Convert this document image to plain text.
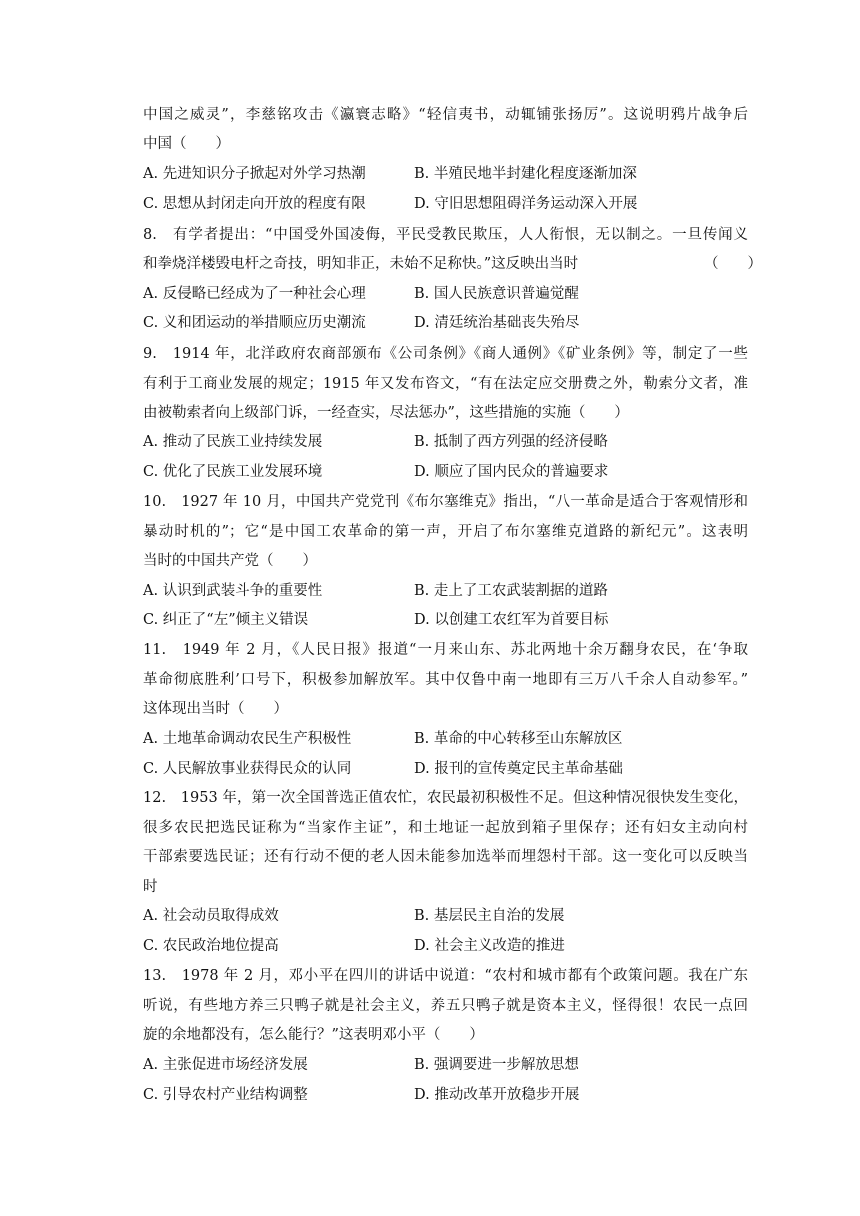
中国之威灵”，李慈铭攻击《瀛寰志略》“轻信夷书，动辄铺张扬厉”。这说明鸦片战争后
中国（　　）
A. 先进知识分子掀起对外学习热潮	B. 半殖民地半封建化程度逐渐加深
C. 思想从封闭走向开放的程度有限	D. 守旧思想阻碍洋务运动深入开展
8.　有学者提出：“中国受外国凌侮，平民受教民欺压，人人衔恨，无以制之。一旦传闻义
和拳烧洋楼毁电杆之奇技，明知非正，未始不足称快。”这反映出当时	（　　）
A. 反侵略已经成为了一种社会心理	B. 国人民族意识普遍觉醒
C. 义和团运动的举措顺应历史潮流	D. 清廷统治基础丧失殆尽
9.　1914 年，北洋政府农商部颁布《公司条例》《商人通例》《矿业条例》等，制定了一些
有利于工商业发展的规定；1915 年又发布咨文，“有在法定应交册费之外，勒索分文者，准
由被勒索者向上级部门诉，一经查实，尽法惩办”，这些措施的实施（　　）
A. 推动了民族工业持续发展	B. 抵制了西方列强的经济侵略
C. 优化了民族工业发展环境	D. 顺应了国内民众的普遍要求
10.　1927 年 10 月，中国共产党党刊《布尔塞维克》指出，“八一革命是适合于客观情形和
暴动时机的”；它“是中国工农革命的第一声，开启了布尔塞维克道路的新纪元”。这表明
当时的中国共产党（　　）
A. 认识到武装斗争的重要性	B. 走上了工农武装割据的道路
C. 纠正了“左”倾主义错误	D. 以创建工农红军为首要目标
11.　1949 年 2 月，《人民日报》报道“一月来山东、苏北两地十余万翻身农民，在‘争取
革命彻底胜利’口号下，积极参加解放军。其中仅鲁中南一地即有三万八千余人自动参军。”
这体现出当时（　　）
A. 土地革命调动农民生产积极性	B. 革命的中心转移至山东解放区
C. 人民解放事业获得民众的认同	D. 报刊的宣传奠定民主革命基础
12.　1953 年，第一次全国普选正值农忙，农民最初积极性不足。但这种情况很快发生变化，
很多农民把选民证称为“当家作主证”，和土地证一起放到箱子里保存；还有妇女主动向村
干部索要选民证；还有行动不便的老人因未能参加选举而埋怨村干部。这一变化可以反映当
时
A. 社会动员取得成效	B. 基层民主自治的发展
C. 农民政治地位提高	D. 社会主义改造的推进
13.　1978 年 2 月，邓小平在四川的讲话中说道：“农村和城市都有个政策问题。我在广东
听说，有些地方养三只鸭子就是社会主义，养五只鸭子就是资本主义，怪得很！农民一点回
旋的余地都没有，怎么能行？”这表明邓小平（　　）
A. 主张促进市场经济发展	B. 强调要进一步解放思想
C. 引导农村产业结构调整	D. 推动改革开放稳步开展
